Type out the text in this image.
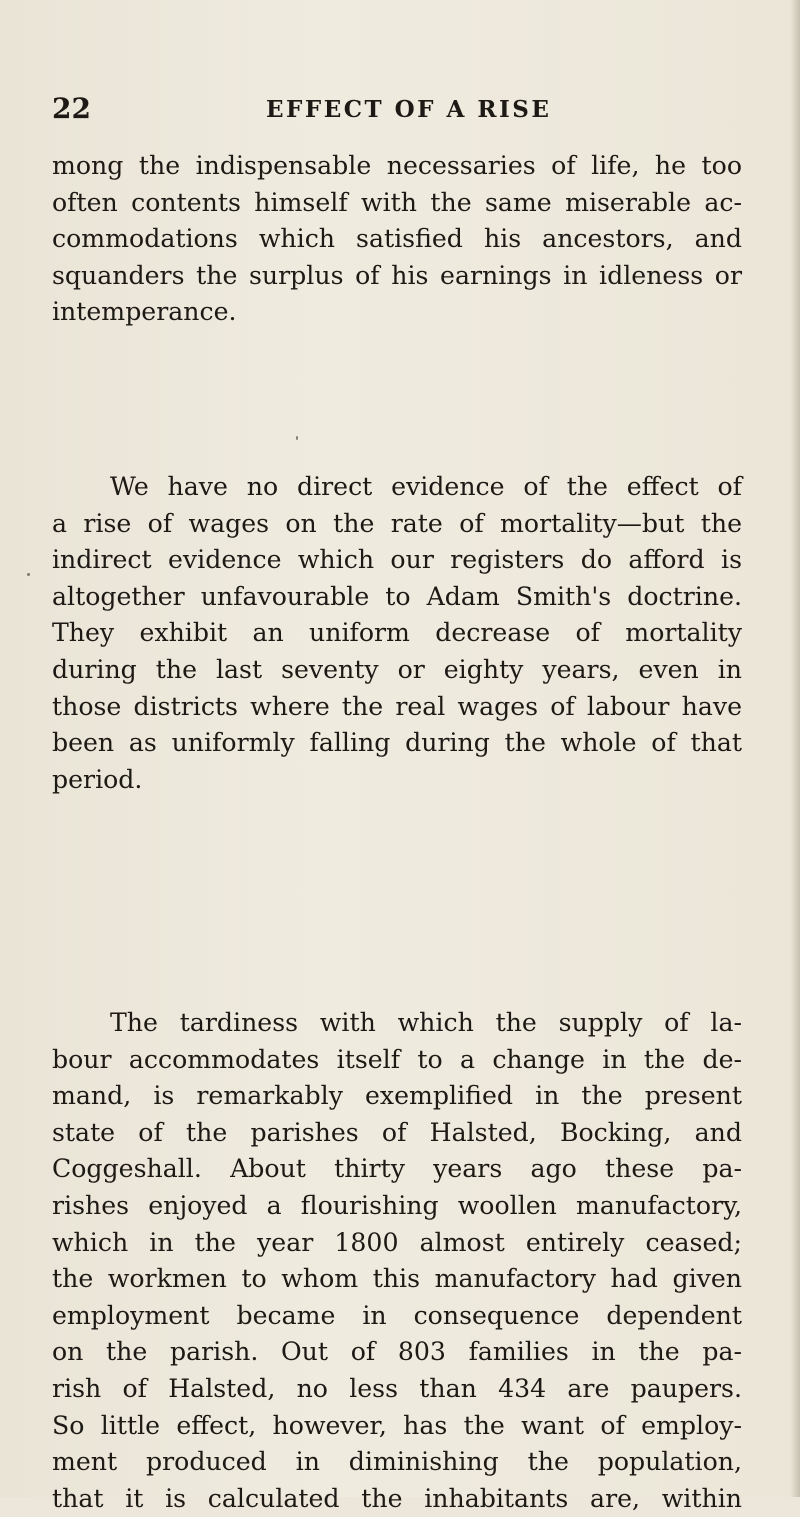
22	EFFECT OF A RISE
mong the indispensable necessaries of life, he too
often contents himself with the same miserable ac-
commodations which satisfied his ancestors, and
squanders the surplus of his earnings in idleness or
intemperance.
We have no direct evidence of the effect of
a rise of wages on the rate of mortality—but the
indirect evidence which our registers do afford is
altogether unfavourable to Adam Smith's doctrine.
They exhibit an uniform decrease of mortality
during the last seventy or eighty years, even in
those districts where the real wages of labour have
been as uniformly falling during the whole of that
period.
The tardiness with which the supply of la-
bour accommodates itself to a change in the de-
mand, is remarkably exemplified in the present
state of the parishes of Halsted, Bocking, and
Coggeshall. About thirty years ago these pa-
rishes enjoyed a flourishing woollen manufactory,
which in the year 1800 almost entirely ceased;
the workmen to whom this manufactory had given
employment became in consequence dependent
on the parish. Out of 803 families in the pa-
rish of Halsted, no less than 434 are paupers.
So little effect, however, has the want of employ-
ment produced in diminishing the population,
that it is calculated the inhabitants are, within
